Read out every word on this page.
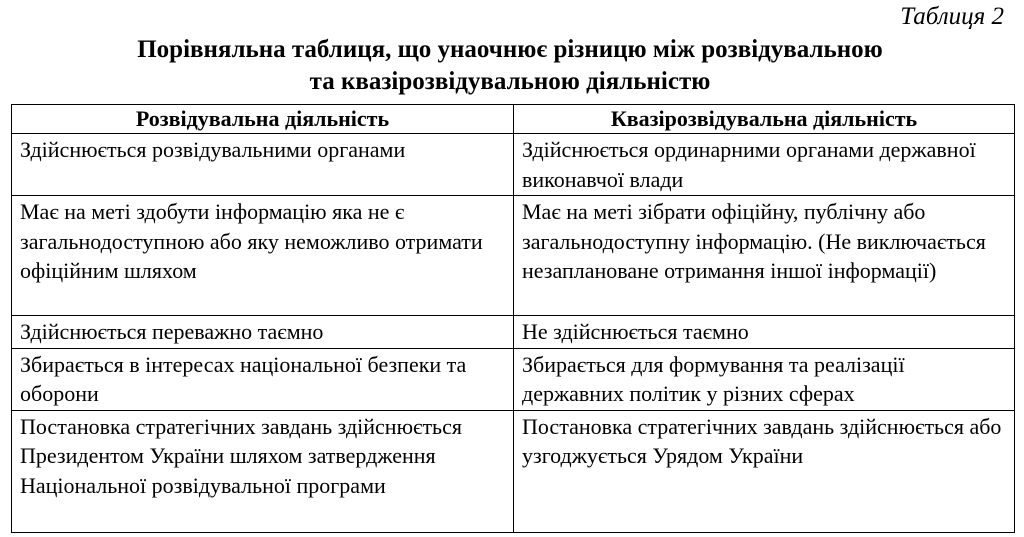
Таблиця 2
Порівняльна таблиця, що унаочнює різницю між розвідувальною
та квазірозвідувальною діяльністю
Розвідувальна діяльність	Квазірозвідувальна діяльність
Здійснюється розвідувальними органами	Здійснюється ординарними органами державної виконавчої влади
Має на меті здобути інформацію яка не є загальнодоступною або яку неможливо отримати офіційним шляхом	Має на меті зібрати офіційну, публічну або загальнодоступну інформацію. (Не виключається незаплановане отримання іншої інформації)
Здійснюється переважно таємно	Не здійснюється таємно
Збирається в інтересах національної безпеки та оборони	Збирається для формування та реалізації державних політик у різних сферах
Постановка стратегічних завдань здійснюється Президентом України шляхом затвердження Національної розвідувальної програми	Постановка стратегічних завдань здійснюється або узгоджується Урядом України
